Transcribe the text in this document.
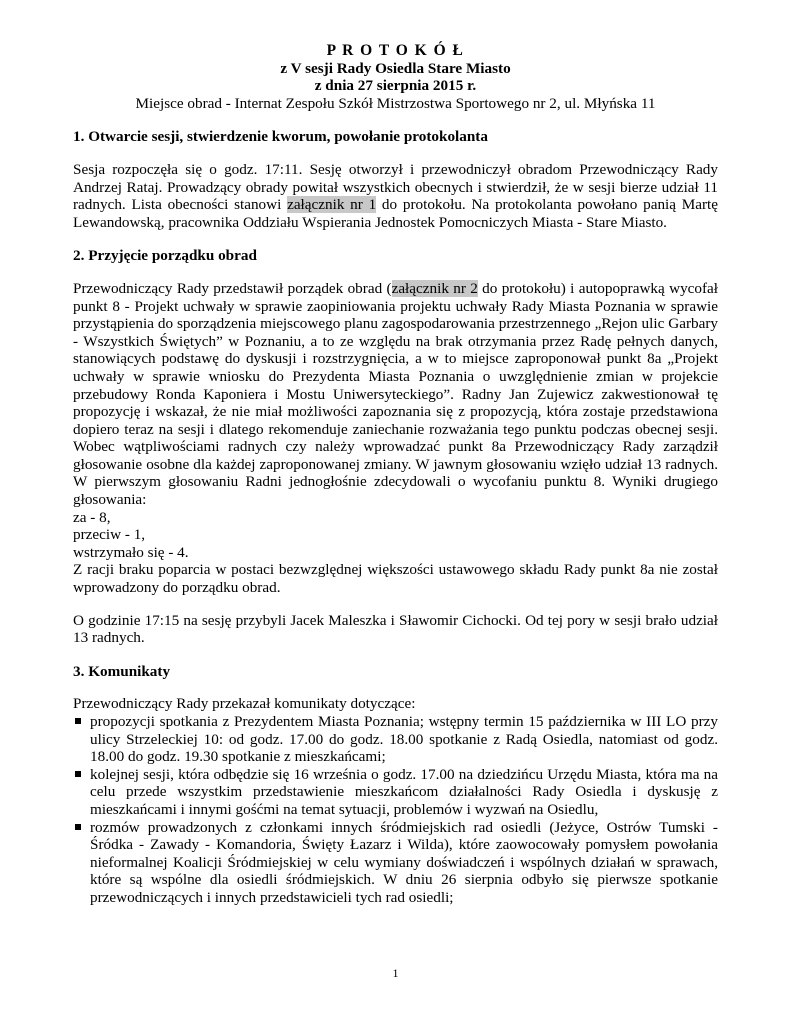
P R O T O K Ó Ł
z V sesji Rady Osiedla Stare Miasto
z dnia 27 sierpnia 2015 r.
Miejsce obrad - Internat Zespołu Szkół Mistrzostwa Sportowego nr 2, ul. Młyńska 11
1. Otwarcie sesji, stwierdzenie kworum, powołanie protokolanta

Sesja rozpoczęła się o godz. 17:11. Sesję otworzył i przewodniczył obradom Przewodniczący Rady Andrzej Rataj. Prowadzący obrady powitał wszystkich obecnych i stwierdził, że w sesji bierze udział 11 radnych. Lista obecności stanowi załącznik nr 1 do protokołu. Na protokolanta powołano panią Martę Lewandowską, pracownika Oddziału Wspierania Jednostek Pomocniczych Miasta - Stare Miasto.

2. Przyjęcie porządku obrad

Przewodniczący Rady przedstawił porządek obrad (załącznik nr 2 do protokołu) i autopoprawką wycofał punkt 8 - Projekt uchwały w sprawie zaopiniowania projektu uchwały Rady Miasta Poznania w sprawie przystąpienia do sporządzenia miejscowego planu zagospodarowania przestrzennego „Rejon ulic Garbary - Wszystkich Świętych” w Poznaniu, a to ze względu na brak otrzymania przez Radę pełnych danych, stanowiących podstawę do dyskusji i rozstrzygnięcia, a w to miejsce zaproponował punkt 8a „Projekt uchwały w sprawie wniosku do Prezydenta Miasta Poznania o uwzględnienie zmian w projekcie przebudowy Ronda Kaponiera i Mostu Uniwersyteckiego”. Radny Jan Zujewicz zakwestionował tę propozycję i wskazał, że nie miał możliwości zapoznania się z propozycją, która zostaje przedstawiona dopiero teraz na sesji i dlatego rekomenduje zaniechanie rozważania tego punktu podczas obecnej sesji. Wobec wątpliwościami radnych czy należy wprowadzać punkt 8a Przewodniczący Rady zarządził głosowanie osobne dla każdej zaproponowanej zmiany. W jawnym głosowaniu wzięło udział 13 radnych. W pierwszym głosowaniu Radni jednogłośnie zdecydowali o wycofaniu punktu 8. Wyniki drugiego głosowania:

za - 8,
przeciw - 1,
wstrzymało się - 4.

Z racji braku poparcia w postaci bezwzględnej większości ustawowego składu Rady punkt 8a nie został wprowadzony do porządku obrad.

O godzinie 17:15 na sesję przybyli Jacek Maleszka i Sławomir Cichocki. Od tej pory w sesji brało udział 13 radnych.

3. Komunikaty
Przewodniczący Rady przekazał komunikaty dotyczące:
propozycji spotkania z Prezydentem Miasta Poznania; wstępny termin 15 października w III LO przy ulicy Strzeleckiej 10: od godz. 17.00 do godz. 18.00 spotkanie z Radą Osiedla, natomiast od godz. 18.00 do godz. 19.30 spotkanie z mieszkańcami;
kolejnej sesji, która odbędzie się 16 września o godz. 17.00 na dziedzińcu Urzędu Miasta, która ma na celu przede wszystkim przedstawienie mieszkańcom działalności Rady Osiedla i dyskusję z mieszkańcami i innymi gośćmi na temat sytuacji, problemów i wyzwań na Osiedlu,
rozmów prowadzonych z członkami innych śródmiejskich rad osiedli (Jeżyce, Ostrów Tumski - Śródka - Zawady - Komandoria, Święty Łazarz i Wilda), które zaowocowały pomysłem powołania nieformalnej Koalicji Śródmiejskiej w celu wymiany doświadczeń i wspólnych działań w sprawach, które są wspólne dla osiedli śródmiejskich. W dniu 26 sierpnia odbyło się pierwsze spotkanie przewodniczących i innych przedstawicieli tych rad osiedli;
1
